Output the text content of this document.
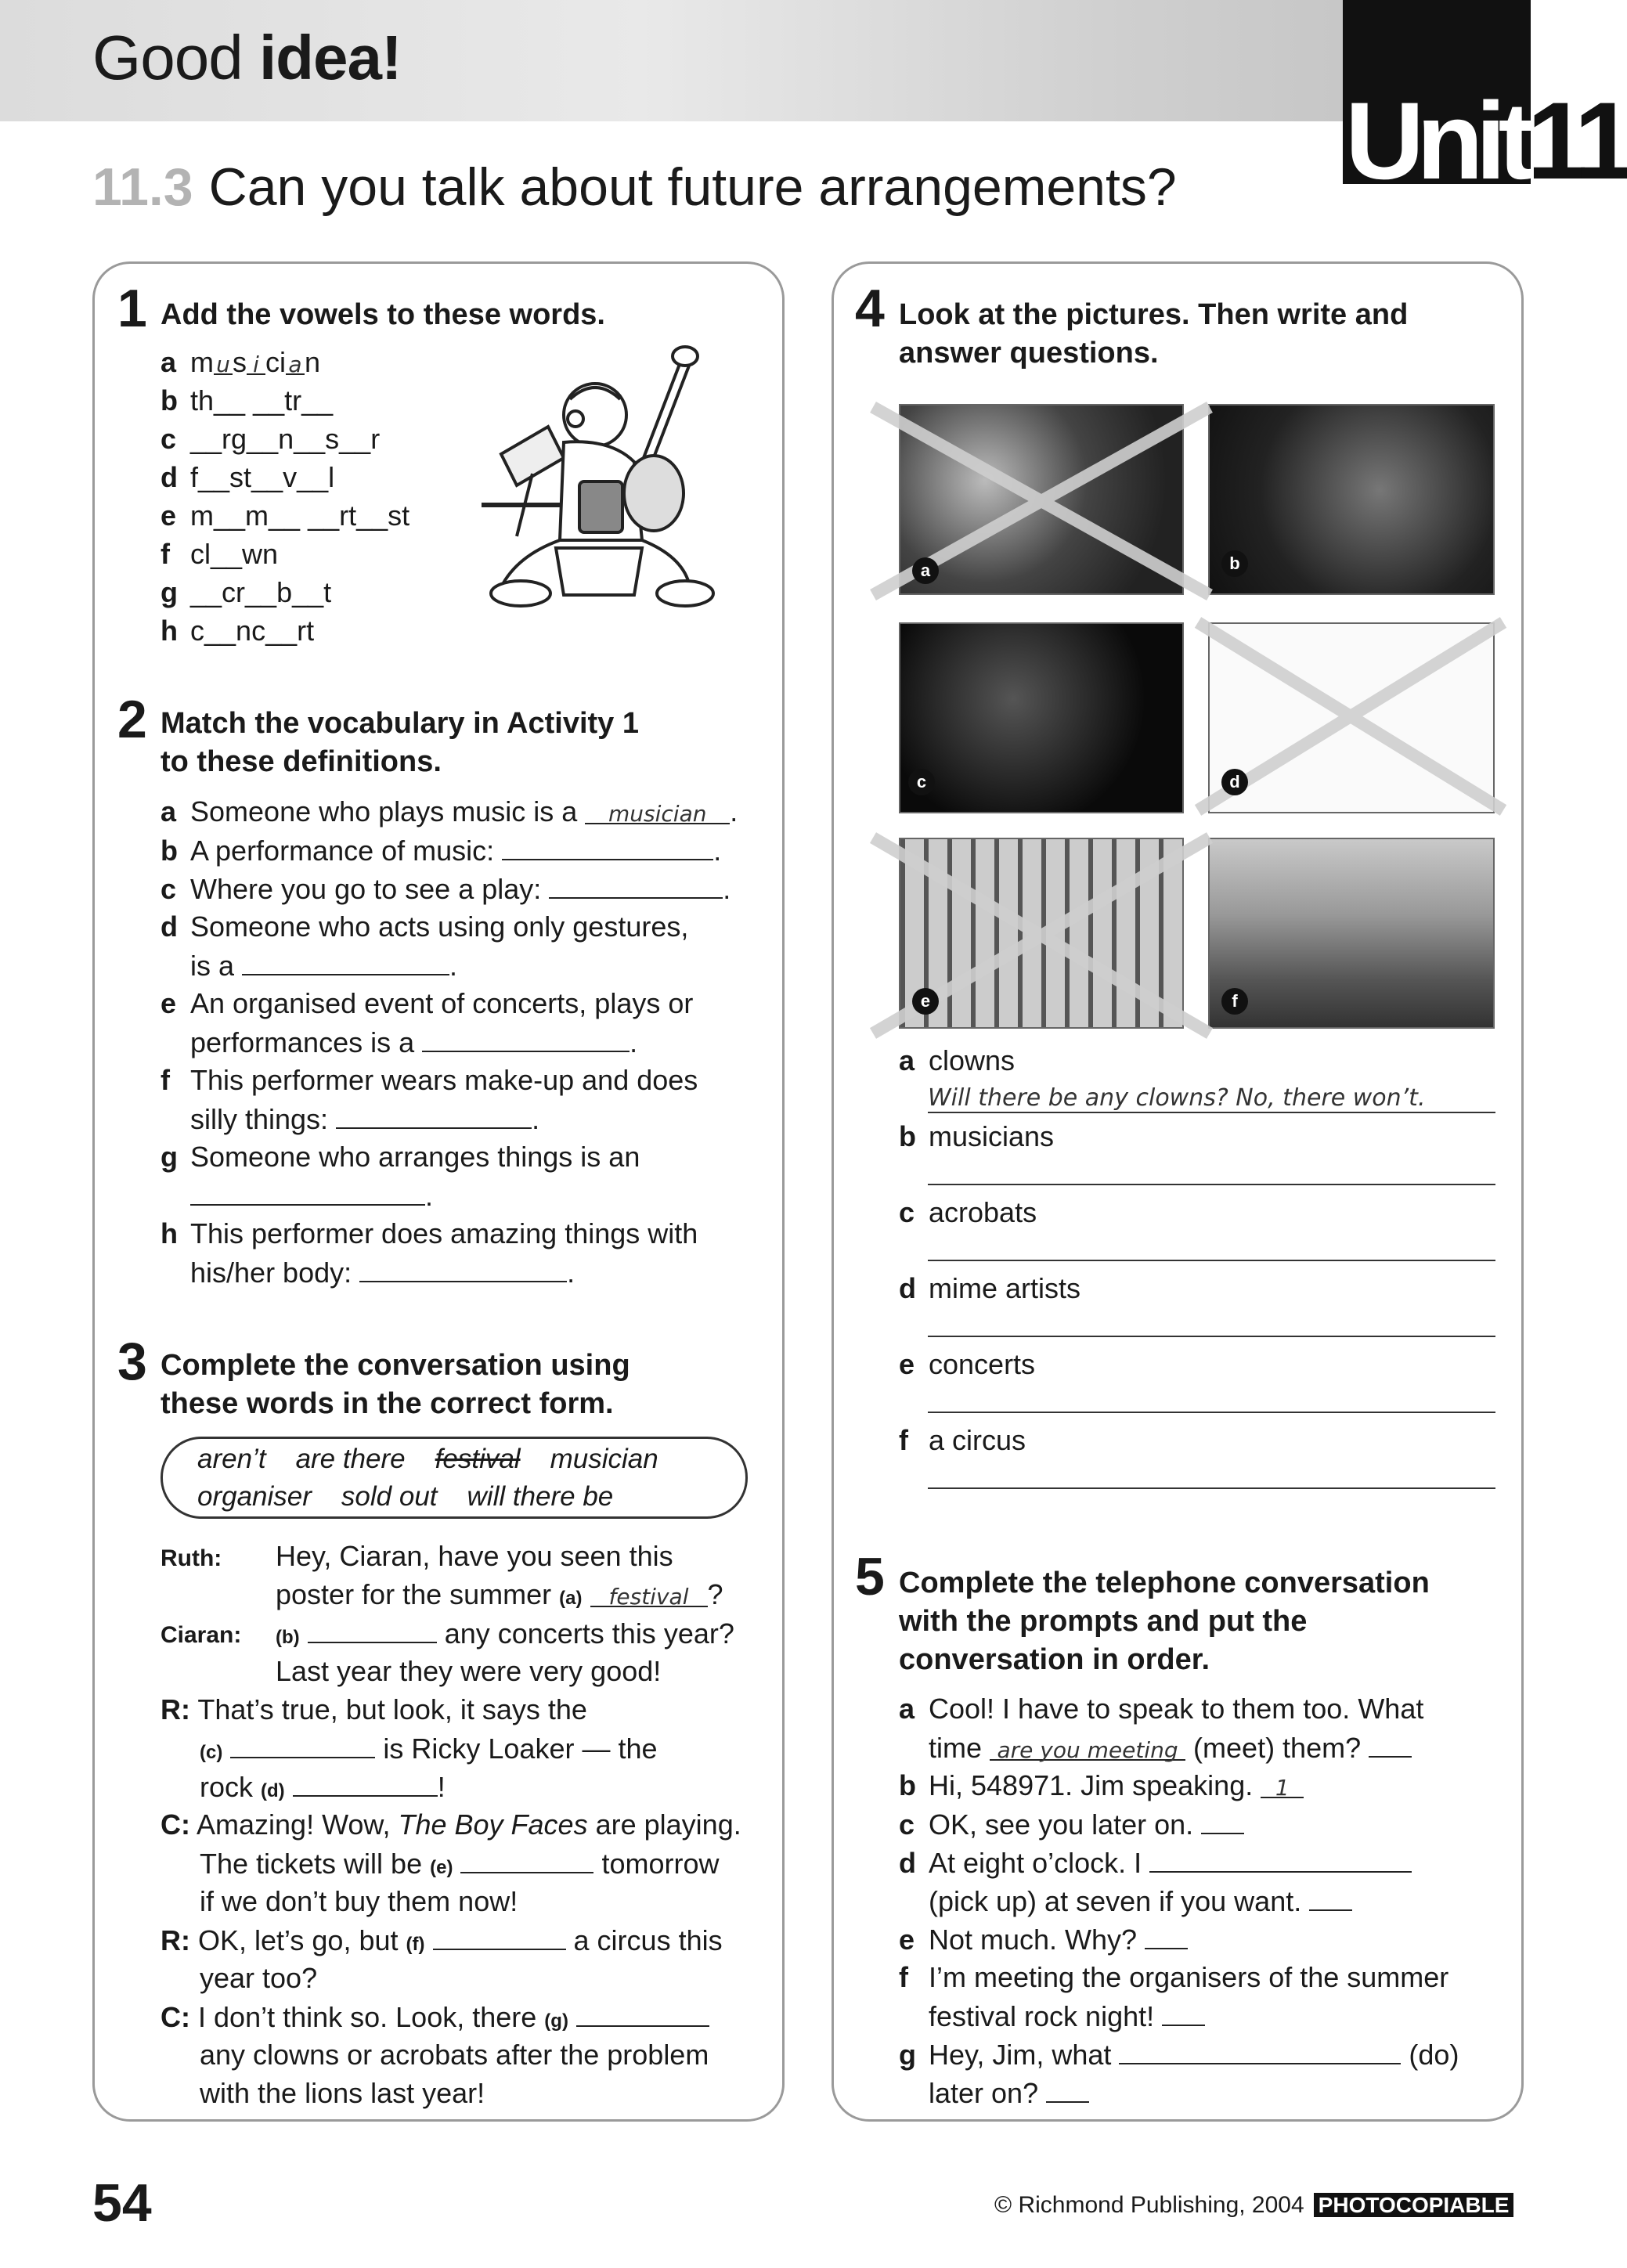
Good idea!
Unit11
11.3 Can you talk about future arrangements?
1 Add the vowels to these words.
a m us i ci an
b th__ __tr__
c __rg__n__s__r
d f__st__v__l
e m__m__ __rt__st
f cl__wn
g __cr__b__t
h c__nc__rt
2 Match the vocabulary in Activity 1
to these definitions.
a Someone who plays music is a musician .
b A performance of music:	.
c Where you go to see a play:	.
d Someone who acts using only gestures,
is a	.
e An organised event of concerts, plays or
performances is a	.
f This performer wears make-up and does
silly things:	.
g Someone who arranges things is an
.
h This performer does amazing things with
his/her body:	.
3 Complete the conversation using
these words in the correct form.
aren’t are there festival musician
organiser sold out will there be
Ruth: Hey, Ciaran, have you seen this
poster for the summer (a) festival ?
Ciaran: (b)	any concerts this year?
Last year they were very good!
R: That’s true, but look, it says the
(c)	is Ricky Loaker — the
rock (d)	!
C: Amazing! Wow, The Boy Faces are playing.
The tickets will be (e)	tomorrow
if we don’t buy them now!
R: OK, let’s go, but (f)	a circus this
year too?
C: I don’t think so. Look, there (g)
any clowns or acrobats after the problem
with the lions last year!
4 Look at the pictures. Then write and
answer questions.
a	b
c	d
e	f
a clowns
Will there be any clowns? No, there won’t.
b musicians
c acrobats
d mime artists
e concerts
f a circus
5 Complete the telephone conversation
with the prompts and put the
conversation in order.
a Cool! I have to speak to them too. What
time are you meeting (meet) them?
b Hi, 548971. Jim speaking. 1
c OK, see you later on.
d At eight o’clock. I
(pick up) at seven if you want.
e Not much. Why?
f I’m meeting the organisers of the summer
festival rock night!
g Hey, Jim, what	(do)
later on?
54	© Richmond Publishing, 2004 PHOTOCOPIABLE
